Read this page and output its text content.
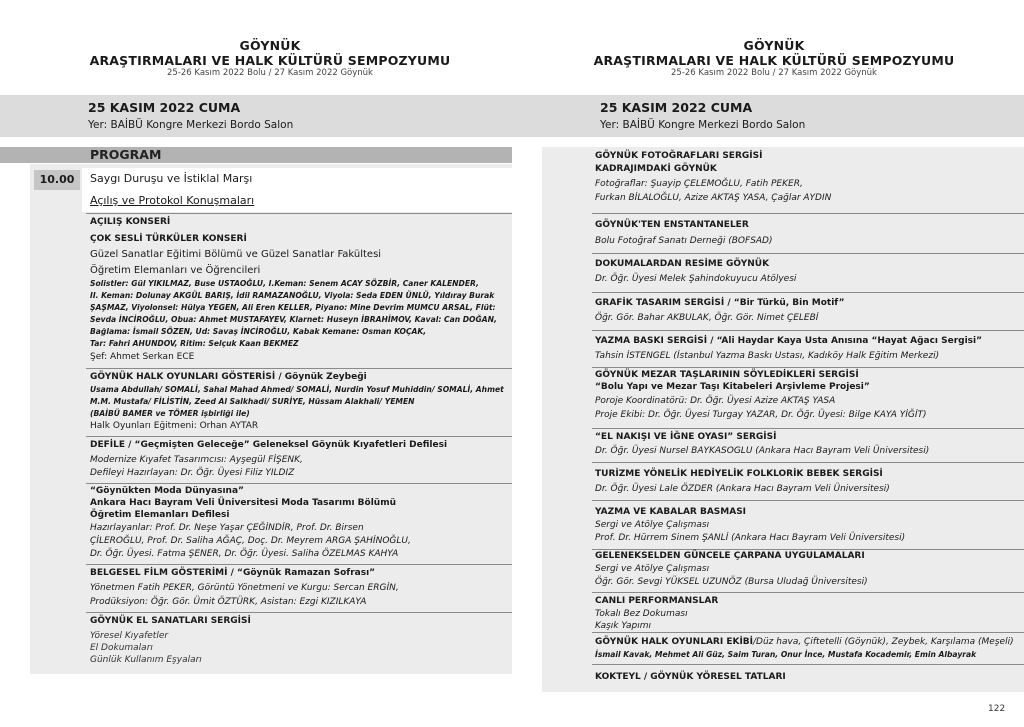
GÖYNÜK
ARAŞTIRMALARI VE HALK KÜLTÜRÜ SEMPOZYUMU
25-26 Kasım 2022 Bolu / 27 Kasım 2022 Göynük
25 KASIM 2022 CUMA
Yer: BAİBÜ Kongre Merkezi Bordo Salon
PROGRAM
10.00	Saygı Duruşu ve İstiklal Marşı
Açılış ve Protokol Konuşmaları
AÇILIŞ KONSERİ
ÇOK SESLİ TÜRKÜLER KONSERİ
Güzel Sanatlar Eğitimi Bölümü ve Güzel Sanatlar Fakültesi
Öğretim Elemanları ve Öğrencileri
Solistler: Gül YIKILMAZ, Buse USTAOĞLU, I.Keman: Senem ACAY SÖZBİR, Caner KALENDER,
II. Keman: Dolunay AKGÜL BARIŞ, İdil RAMAZANOĞLU, Viyola: Seda EDEN ÜNLÜ, Yıldıray Burak
ŞAŞMAZ, Viyolonsel: Hülya YEGEN, Ali Eren KELLER, Piyano: Mine Devrim MUMCU ARSAL, Flüt:
Sevda İNCİROĞLU, Obua: Ahmet MUSTAFAYEV, Klarnet: Huseyn İBRAHİMOV, Kaval: Can DOĞAN,
Bağlama: İsmail SÖZEN, Ud: Savaş İNCİROĞLU, Kabak Kemane: Osman KOÇAK,
Tar: Fahri AHUNDOV, Ritim: Selçuk Kaan BEKMEZ
Şef: Ahmet Serkan ECE
GÖYNÜK HALK OYUNLARI GÖSTERİSİ / Göynük Zeybeği
Usama Abdullah/ SOMALİ, Sahal Mahad Ahmed/ SOMALİ, Nurdin Yosuf Muhiddin/ SOMALİ, Ahmet
M.M. Mustafa/ FİLİSTİN, Zeed Al Salkhadi/ SURİYE, Hüssam Alakhali/ YEMEN
(BAİBÜ BAMER ve TÖMER işbirliği ile)
Halk Oyunları Eğitmeni: Orhan AYTAR
DEFİLE / “Geçmişten Geleceğe” Geleneksel Göynük Kıyafetleri Defilesi
Modernize Kıyafet Tasarımcısı: Ayşegül FİŞENK,
Defileyi Hazırlayan: Dr. Öğr. Üyesi Filiz YILDIZ
“Göynükten Moda Dünyasına”
Ankara Hacı Bayram Veli Üniversitesi Moda Tasarımı Bölümü
Öğretim Elemanları Defilesi
Hazırlayanlar: Prof. Dr. Neşe Yaşar ÇEĞİNDİR, Prof. Dr. Birsen
ÇİLEROĞLU, Prof. Dr. Saliha AĞAÇ, Doç. Dr. Meyrem ARGA ŞAHİNOĞLU,
Dr. Öğr. Üyesi. Fatma ŞENER, Dr. Öğr. Üyesi. Saliha ÖZELMAS KAHYA
BELGESEL FİLM GÖSTERİMİ / “Göynük Ramazan Sofrası”
Yönetmen Fatih PEKER, Görüntü Yönetmeni ve Kurgu: Sercan ERGİN,
Prodüksiyon: Öğr. Gör. Ümit ÖZTÜRK, Asistan: Ezgi KIZILKAYA
GÖYNÜK EL SANATLARI SERGİSİ
Yöresel Kıyafetler
El Dokumaları
Günlük Kullanım Eşyaları
GÖYNÜK
ARAŞTIRMALARI VE HALK KÜLTÜRÜ SEMPOZYUMU
25-26 Kasım 2022 Bolu / 27 Kasım 2022 Göynük
25 KASIM 2022 CUMA
Yer: BAİBÜ Kongre Merkezi Bordo Salon
GÖYNÜK FOTOĞRAFLARI SERGİSİ
KADRAJIMDAKİ GÖYNÜK
Fotoğraflar: Şuayip ÇELEMOĞLU, Fatih PEKER,
Furkan BİLALOĞLU, Azize AKTAŞ YASA, Çağlar AYDIN
GÖYNÜK'TEN ENSTANTANELER
Bolu Fotoğraf Sanatı Derneği (BOFSAD)
DOKUMALARDAN RESİME GÖYNÜK
Dr. Öğr. Üyesi Melek Şahindokuyucu Atölyesi
GRAFİK TASARIM SERGİSİ / “Bir Türkü, Bin Motif”
Öğr. Gör. Bahar AKBULAK, Öğr. Gör. Nimet ÇELEBİ
YAZMA BASKI SERGİSİ / “Ali Haydar Kaya Usta Anısına “Hayat Ağacı Sergisi”
Tahsin İSTENGEL (İstanbul Yazma Baskı Ustası, Kadıköy Halk Eğitim Merkezi)
GÖYNÜK MEZAR TAŞLARININ SÖYLEDİKLERİ SERGİSİ
“Bolu Yapı ve Mezar Taşı Kitabeleri Arşivleme Projesi”
Poroje Koordinatörü: Dr. Öğr. Üyesi Azize AKTAŞ YASA
Proje Ekibi: Dr. Öğr. Üyesi Turgay YAZAR, Dr. Öğr. Üyesi: Bilge KAYA YİĞİT)
“EL NAKIŞI VE İĞNE OYASI” SERGİSİ
Dr. Öğr. Üyesi Nursel BAYKASOGLU (Ankara Hacı Bayram Veli Üniversitesi)
TURİZME YÖNELİK HEDİYELİK FOLKLORİK BEBEK SERGİSİ
Dr. Öğr. Üyesi Lale ÖZDER (Ankara Hacı Bayram Veli Üniversitesi)
YAZMA VE KABALAR BASMASI
Sergi ve Atölye Çalışması
Prof. Dr. Hürrem Sinem ŞANLİ (Ankara Hacı Bayram Veli Üniversitesi)
GELENEKSELDEN GÜNCELE ÇARPANA UYGULAMALARI
Sergi ve Atölye Çalışması
Öğr. Gör. Sevgi YÜKSEL UZUNÖZ (Bursa Uludağ Üniversitesi)
CANLI PERFORMANSLAR
Tokalı Bez Dokuması
Kaşık Yapımı
GÖYNÜK HALK OYUNLARI EKİBİ/Düz hava, Çiftetelli (Göynük), Zeybek, Karşılama (Meşeli)
İsmail Kavak, Mehmet Ali Güz, Saim Turan, Onur İnce, Mustafa Kocademir, Emin Albayrak
KOKTEYL / GÖYNÜK YÖRESEL TATLARI
122
